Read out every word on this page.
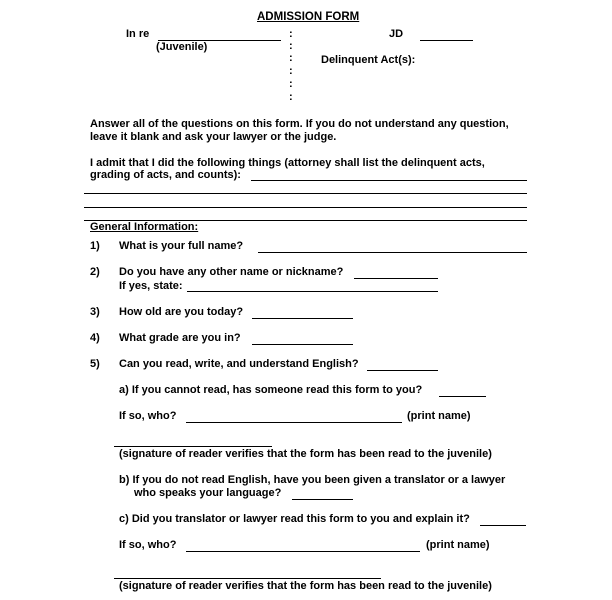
ADMISSION FORM
In re
(Juvenile)
JD
Delinquent Act(s):
:
:
:
:
:
:
Answer all of the questions on this form. If you do not understand any question,
leave it blank and ask your lawyer or the judge.
I admit that I did the following things (attorney shall list the delinquent acts,
grading of acts, and counts):
General Information:
1) What is your full name?
2) Do you have any other name or nickname?
If yes, state:
3) How old are you today?
4) What grade are you in?
5) Can you read, write, and understand English?
a) If you cannot read, has someone read this form to you?
If so, who?	(print name)
(signature of reader verifies that the form has been read to the juvenile)
b) If you do not read English, have you been given a translator or a lawyer
who speaks your language?
c) Did you translator or lawyer read this form to you and explain it?
If so, who?	(print name)
(signature of reader verifies that the form has been read to the juvenile)
